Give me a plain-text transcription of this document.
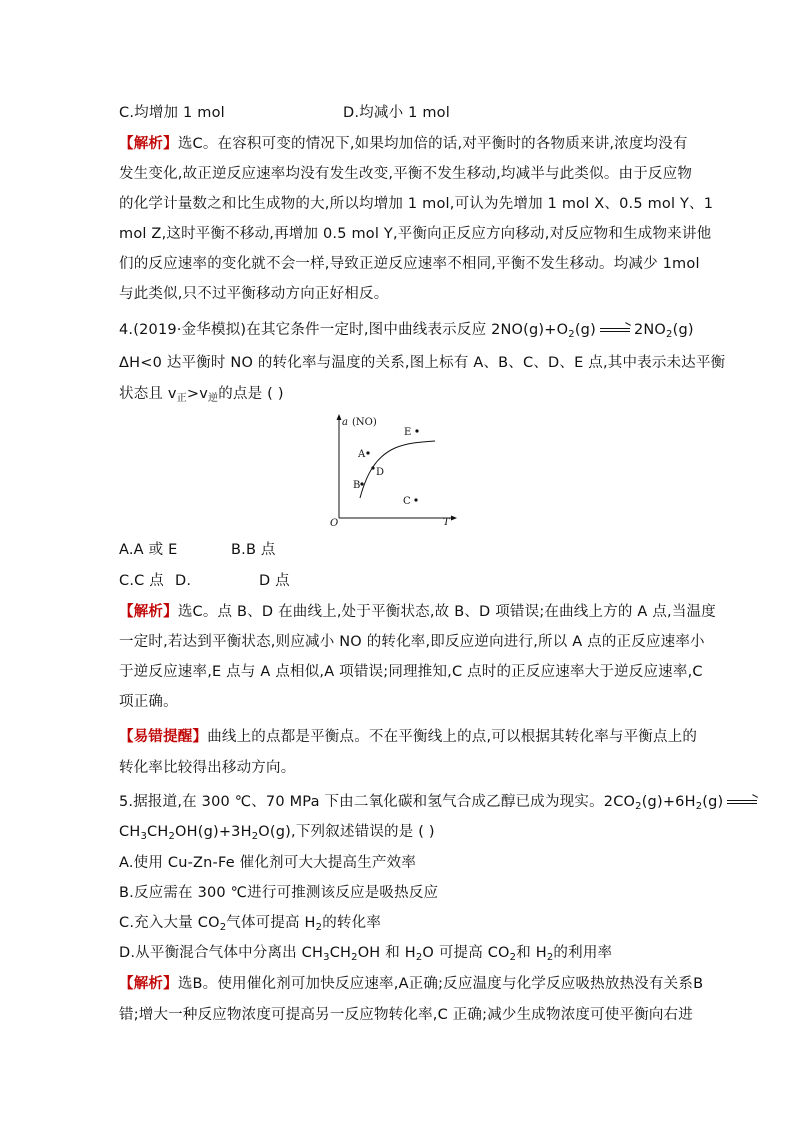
C.均增加 1 mol	D.均减小 1 mol
【解析】选C。在容积可变的情况下,如果均加倍的话,对平衡时的各物质来讲,浓度均没有
发生变化,故正逆反应速率均没有发生改变,平衡不发生移动,均减半与此类似。由于反应物
的化学计量数之和比生成物的大,所以均增加 1 mol,可认为先增加 1 mol X、0.5 mol Y、1
mol Z,这时平衡不移动,再增加 0.5 mol Y,平衡向正反应方向移动,对反应物和生成物来讲他
们的反应速率的变化就不会一样,导致正逆反应速率不相同,平衡不发生移动。均减少 1mol
与此类似,只不过平衡移动方向正好相反。
4.(2019·金华模拟)在其它条件一定时,图中曲线表示反应 $2NO(g)+O_2(g) \to 2NO_2(g)$
ΔH<0 达平衡时 NO 的转化率与温度的关系,图上标有 A、B、C、D、E 点,其中表示未达平衡
状态且 $v_正>v_逆$的点是 ( )
a (NO)
T
O
A
B
D
C
E
A.A 或 E	B.B 点
C.C 点 D.	D 点
【解析】选C。点 B、D 在曲线上,处于平衡状态,故 B、D 项错误;在曲线上方的 A 点,当温度
一定时,若达到平衡状态,则应减小 NO 的转化率,即反应逆向进行,所以 A 点的正反应速率小
于逆反应速率,E 点与 A 点相似,A 项错误;同理推知,C 点时的正反应速率大于逆反应速率,C
项正确。
【易错提醒】曲线上的点都是平衡点。不在平衡线上的点,可以根据其转化率与平衡点上的
转化率比较得出移动方向。
5.据报道,在 300 ℃、70 MPa 下由二氧化碳和氢气合成乙醇已成为现实。$2CO_2(g)+6H_2(g)$ →
$CH_3CH_2OH(g)+3H_2O(g)$,下列叙述错误的是 ( )
A.使用 Cu-Zn-Fe 催化剂可大大提高生产效率
B.反应需在 300 ℃进行可推测该反应是吸热反应
C.充入大量 $CO_2$气体可提高 $H_2$的转化率
D.从平衡混合气体中分离出 $CH_3CH_2OH$ 和 $H_2O$ 可提高 $CO_2$和 $H_2$的利用率
【解析】选B。使用催化剂可加快反应速率,A正确;反应温度与化学反应吸热放热没有关系B
错;增大一种反应物浓度可提高另一反应物转化率,C 正确;减少生成物浓度可使平衡向右进
